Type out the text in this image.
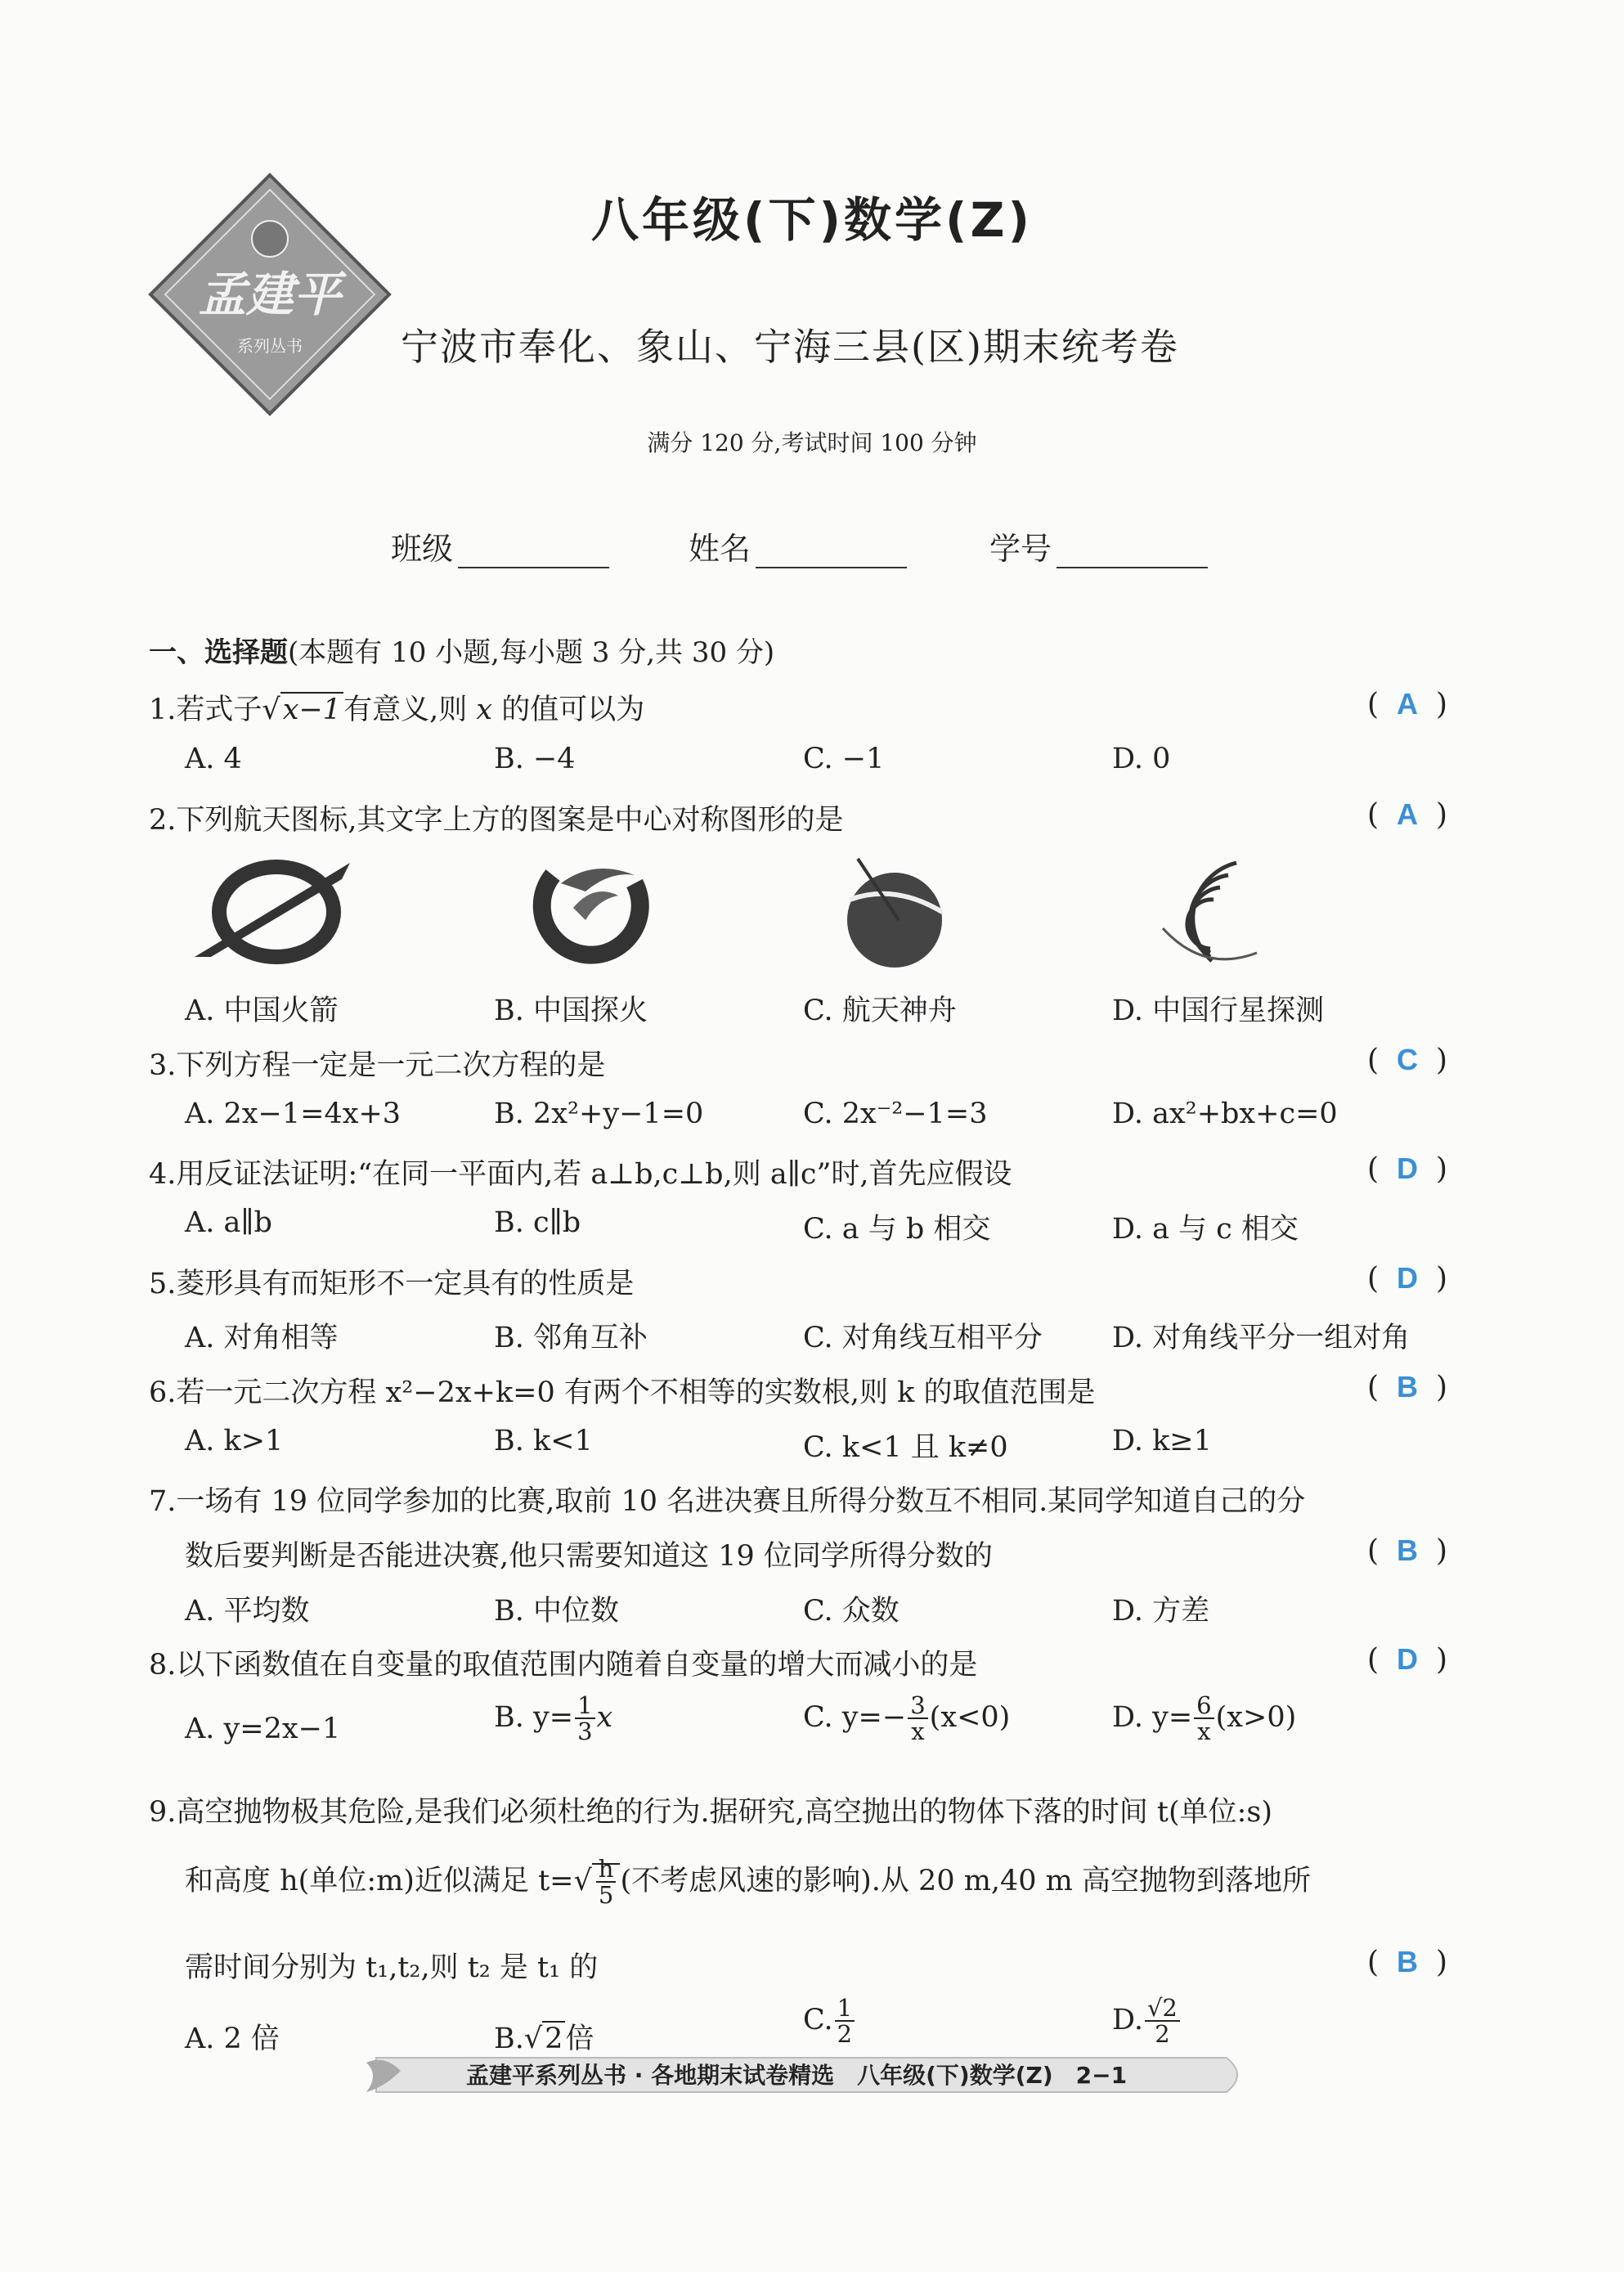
孟建平
系列丛书
八年级(下)数学(Z)
宁波市奉化、象山、宁海三县(区)期末统考卷
满分 120 分,考试时间 100 分钟
班级	姓名	学号
一、选择题(本题有 10 小题,每小题 3 分,共 30 分)
1.若式子√x−1有意义,则 x 的值可以为	( A )
A. 4	B. −4	C. −1	D. 0
2.下列航天图标,其文字上方的图案是中心对称图形的是	( A )
A. 中国火箭	B. 中国探火	C. 航天神舟	D. 中国行星探测
3.下列方程一定是一元二次方程的是	( C )
A. 2x−1=4x+3	B. 2x²+y−1=0	C. 2x⁻²−1=3	D. ax²+bx+c=0
4.用反证法证明:“在同一平面内,若 a⊥b,c⊥b,则 a∥c”时,首先应假设	( D )
A. a∥b	B. c∥b	C. a 与 b 相交	D. a 与 c 相交
5.菱形具有而矩形不一定具有的性质是	( D )
A. 对角相等	B. 邻角互补	C. 对角线互相平分 D. 对角线平分一组对角
6.若一元二次方程 x²−2x+k=0 有两个不相等的实数根,则 k 的取值范围是	( B )
A. k>1	B. k<1	C. k<1 且 k≠0	D. k≥1
7.一场有 19 位同学参加的比赛,取前 10 名进决赛且所得分数互不相同.某同学知道自己的分
数后要判断是否能进决赛,他只需要知道这 19 位同学所得分数的	( B )
A. 平均数	B. 中位数	C. 众数	D. 方差
8.以下函数值在自变量的取值范围内随着自变量的增大而减小的是	( D )
A. y=2x−1	B. $y= \frac{1}{3}$ x	C. $y=- \frac{3}{x} (x<0)$	D. $y= \frac{6}{x} (x>0)$
9.高空抛物极其危险,是我们必须杜绝的行为.据研究,高空抛出的物体下落的时间 t(单位:s)
和高度 h(单位:m)近似满足 $t=√ \frac{h}{5}$ (不考虑风速的影响).从 20 m,40 m 高空抛物到落地所
需时间分别为 t₁,t₂,则 t₂ 是 t₁ 的	( B )
A. 2 倍	B.√2倍
C. $\frac{1}{2}$	D. $\frac{√2}{2}$
孟建平系列丛书 · 各地期末试卷精选　八年级(下)数学(Z)　2−1
